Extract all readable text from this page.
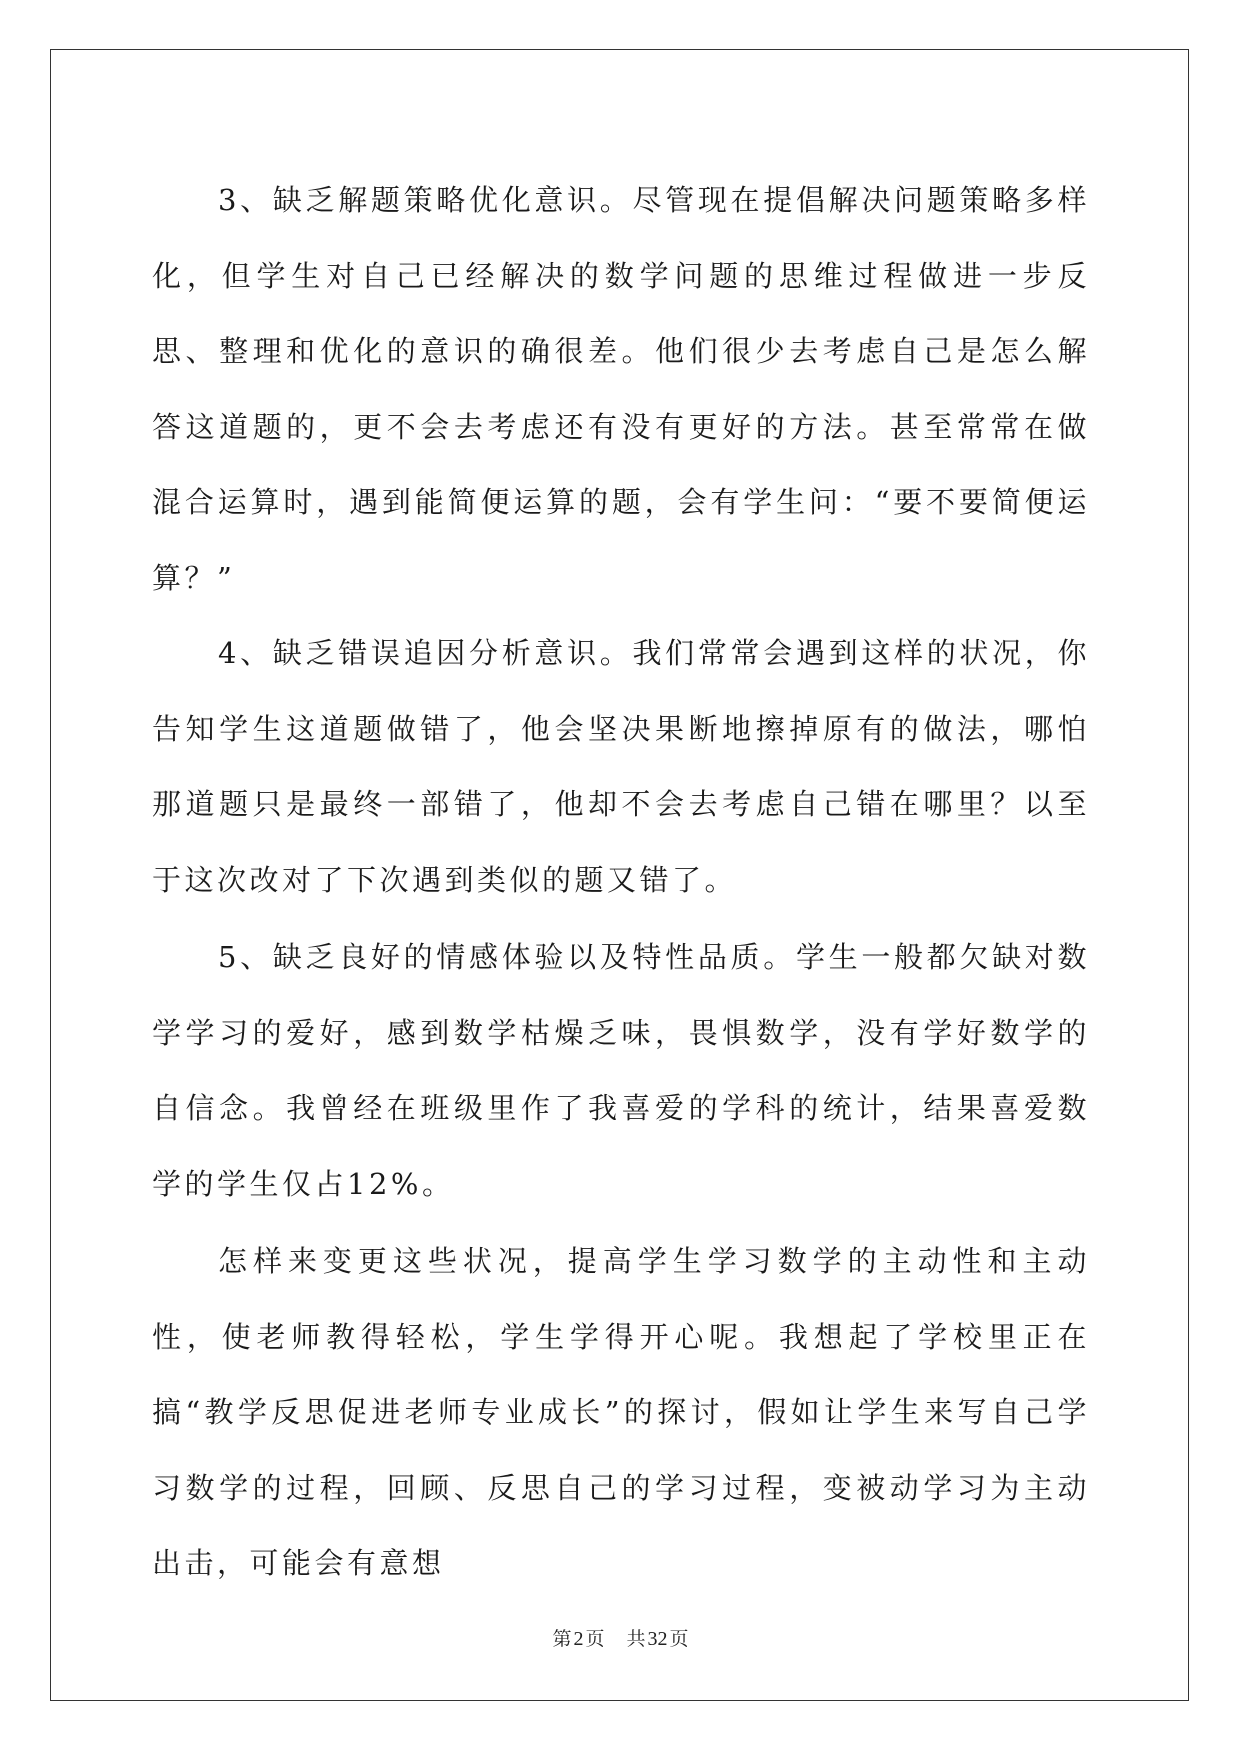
3、缺乏解题策略优化意识。尽管现在提倡解决问题策略多样化，但学生对自己已经解决的数学问题的思维过程做进一步反思、整理和优化的意识的确很差。他们很少去考虑自己是怎么解答这道题的，更不会去考虑还有没有更好的方法。甚至常常在做混合运算时，遇到能简便运算的题，会有学生问：“要不要简便运算？”

4、缺乏错误追因分析意识。我们常常会遇到这样的状况，你告知学生这道题做错了，他会坚决果断地擦掉原有的做法，哪怕那道题只是最终一部错了，他却不会去考虑自己错在哪里？以至于这次改对了下次遇到类似的题又错了。

5、缺乏良好的情感体验以及特性品质。学生一般都欠缺对数学学习的爱好，感到数学枯燥乏味，畏惧数学，没有学好数学的自信念。我曾经在班级里作了我喜爱的学科的统计，结果喜爱数学的学生仅占12%。

怎样来变更这些状况，提高学生学习数学的主动性和主动性，使老师教得轻松，学生学得开心呢。我想起了学校里正在搞“教学反思促进老师专业成长”的探讨，假如让学生来写自己学习数学的过程，回顾、反思自己的学习过程，变被动学习为主动出击，可能会有意想

第 2 页 共 32 页
